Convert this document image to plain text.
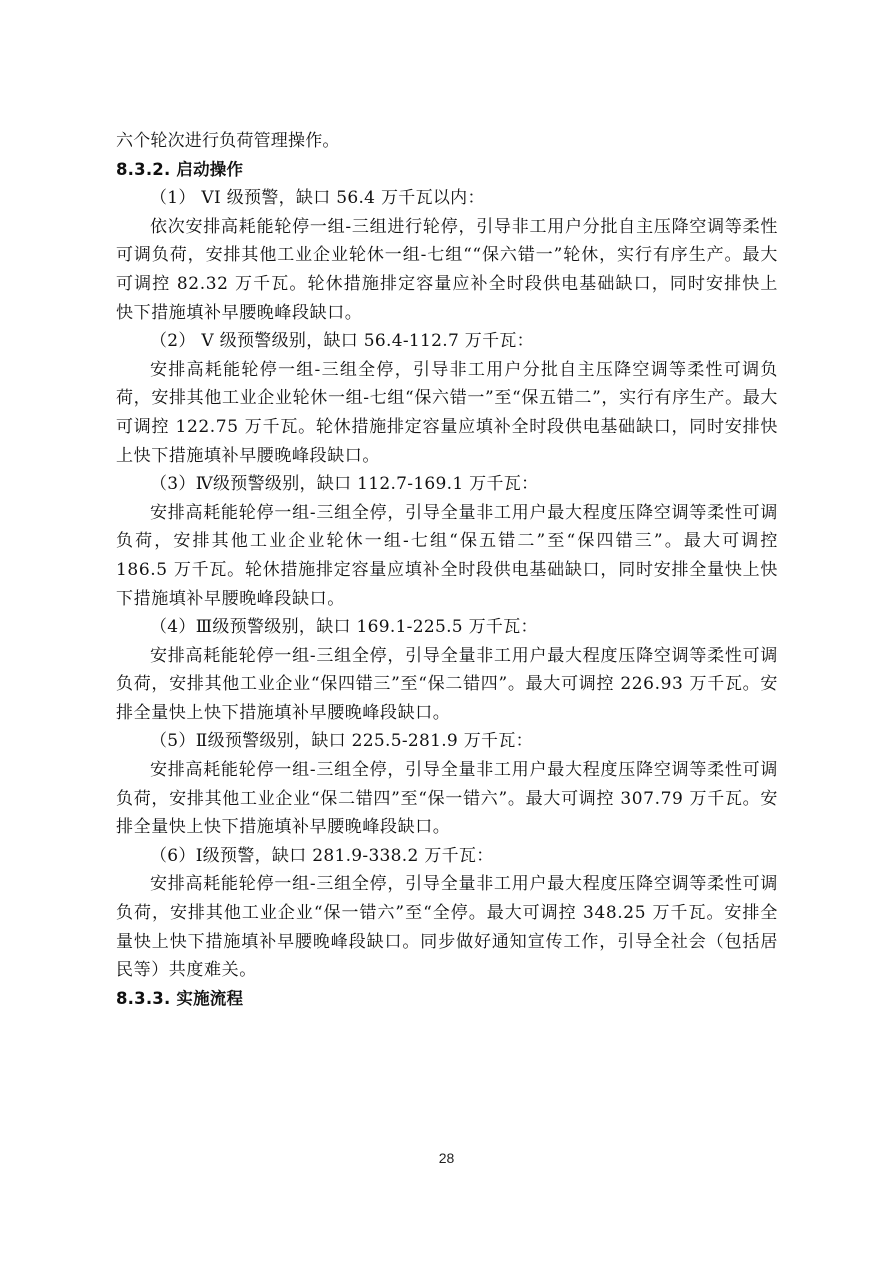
六个轮次进行负荷管理操作。
8.3.2. 启动操作
（1） VI 级预警，缺口 56.4 万千瓦以内：
依次安排高耗能轮停一组-三组进行轮停，引导非工用户分批自主压降空调等柔性可调负荷，安排其他工业企业轮休一组-七组““保六错一”轮休，实行有序生产。最大可调控 82.32 万千瓦。轮休措施排定容量应补全时段供电基础缺口，同时安排快上快下措施填补早腰晚峰段缺口。
（2） V 级预警级别，缺口 56.4-112.7 万千瓦：
安排高耗能轮停一组-三组全停，引导非工用户分批自主压降空调等柔性可调负荷，安排其他工业企业轮休一组-七组“保六错一”至“保五错二”，实行有序生产。最大可调控 122.75 万千瓦。轮休措施排定容量应填补全时段供电基础缺口，同时安排快上快下措施填补早腰晚峰段缺口。
（3）Ⅳ级预警级别，缺口 112.7-169.1 万千瓦：
安排高耗能轮停一组-三组全停，引导全量非工用户最大程度压降空调等柔性可调负荷，安排其他工业企业轮休一组-七组“保五错二”至“保四错三”。最大可调控 186.5 万千瓦。轮休措施排定容量应填补全时段供电基础缺口，同时安排全量快上快下措施填补早腰晚峰段缺口。
（4）Ⅲ级预警级别，缺口 169.1-225.5 万千瓦：
安排高耗能轮停一组-三组全停，引导全量非工用户最大程度压降空调等柔性可调负荷，安排其他工业企业“保四错三”至“保二错四”。最大可调控 226.93 万千瓦。安排全量快上快下措施填补早腰晚峰段缺口。
（5）Ⅱ级预警级别，缺口 225.5-281.9 万千瓦：
安排高耗能轮停一组-三组全停，引导全量非工用户最大程度压降空调等柔性可调负荷，安排其他工业企业“保二错四”至“保一错六”。最大可调控 307.79 万千瓦。安排全量快上快下措施填补早腰晚峰段缺口。
（6）Ⅰ级预警，缺口 281.9-338.2 万千瓦：
安排高耗能轮停一组-三组全停，引导全量非工用户最大程度压降空调等柔性可调负荷，安排其他工业企业“保一错六”至“全停。最大可调控 348.25 万千瓦。安排全量快上快下措施填补早腰晚峰段缺口。同步做好通知宣传工作，引导全社会（包括居民等）共度难关。
8.3.3. 实施流程
28
